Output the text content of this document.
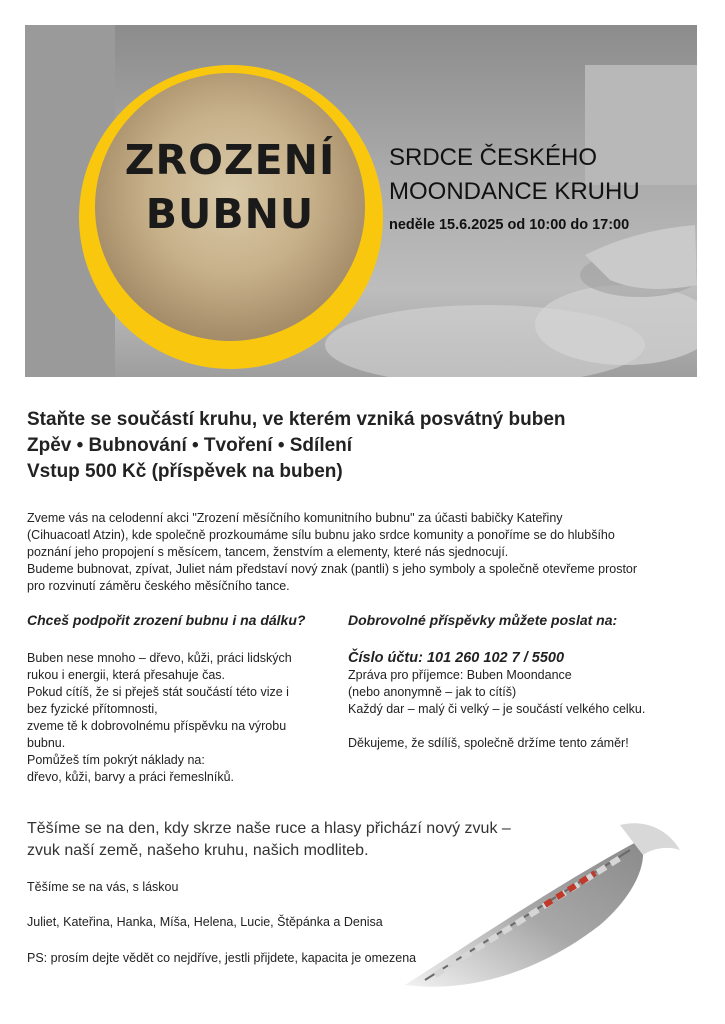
ZROZENÍ
BUBNU
SRDCE ČESKÉHO
MOONDANCE KRUHU
neděle 15.6.2025 od 10:00 do 17:00
Staňte se součástí kruhu, ve kterém vzniká posvátný buben
Zpěv • Bubnování • Tvoření • Sdílení
Vstup 500 Kč (příspěvek na buben)
Zveme vás na celodenní akci "Zrození měsíčního komunitního bubnu" za účasti babičky Kateřiny
(Cihuacoatl Atzin), kde společně prozkoumáme sílu bubnu jako srdce komunity a ponoříme se do hlubšího
poznání jeho propojení s měsícem, tancem, ženstvím a elementy, které nás sjednocují.
Budeme bubnovat, zpívat, Juliet nám představí nový znak (pantli) s jeho symboly a společně otevřeme prostor
pro rozvinutí záměru českého měsíčního tance.
Chceš podpořit zrození bubnu i na dálku?
Buben nese mnoho – dřevo, kůži, práci lidských
rukou i energii, která přesahuje čas.
Pokud cítíš, že si přeješ stát součástí této vize i
bez fyzické přítomnosti,
zveme tě k dobrovolnému příspěvku na výrobu
bubnu.
Pomůžeš tím pokrýt náklady na:
dřevo, kůži, barvy a práci řemeslníků.
Dobrovolné příspěvky můžete poslat na:
Číslo účtu: 101 260 102 7 / 5500
Zpráva pro příjemce: Buben Moondance
(nebo anonymně – jak to cítíš)
Každý dar – malý či velký – je součástí velkého celku.
Děkujeme, že sdílíš, společně držíme tento záměr!
Těšíme se na den, kdy skrze naše ruce a hlasy přichází nový zvuk –
zvuk naší země, našeho kruhu, našich modliteb.
Těšíme se na vás, s láskou
Juliet, Kateřina, Hanka, Míša, Helena, Lucie, Štěpánka a Denisa
PS: prosím dejte vědět co nejdříve, jestli přijdete, kapacita je omezena
